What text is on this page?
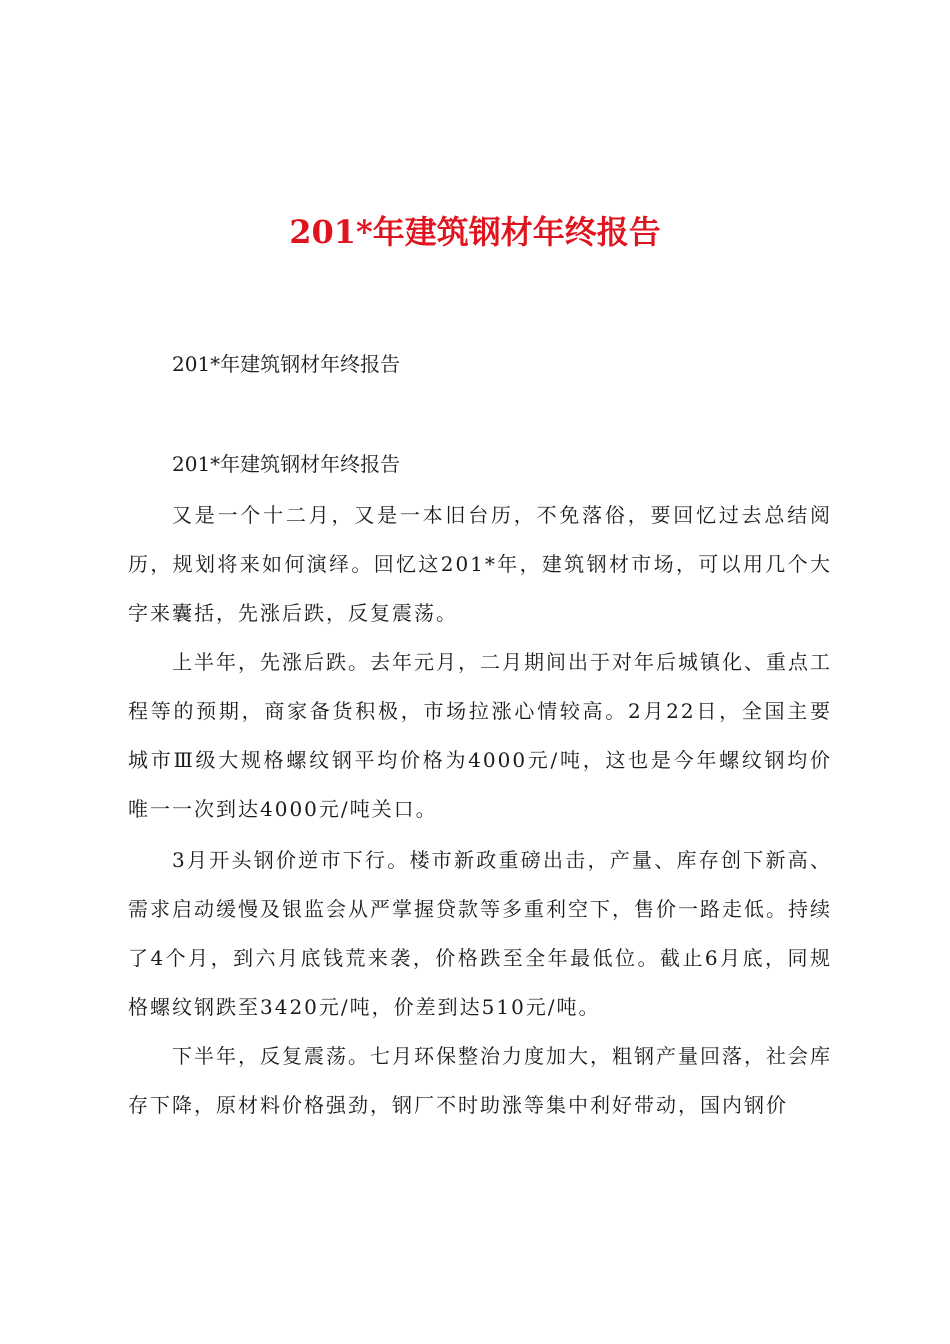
201*年建筑钢材年终报告

201*年建筑钢材年终报告

201*年建筑钢材年终报告

又是一个十二月，又是一本旧台历，不免落俗，要回忆过去总结阅历，规划将来如何演绎。回忆这201*年，建筑钢材市场，可以用几个大字来囊括，先涨后跌，反复震荡。

上半年，先涨后跌。去年元月，二月期间出于对年后城镇化、重点工程等的预期，商家备货积极，市场拉涨心情较高。2月22日，全国主要城市Ⅲ级大规格螺纹钢平均价格为4000元/吨，这也是今年螺纹钢均价唯一一次到达4000元/吨关口。

3月开头钢价逆市下行。楼市新政重磅出击，产量、库存创下新高、需求启动缓慢及银监会从严掌握贷款等多重利空下，售价一路走低。持续了4个月，到六月底钱荒来袭，价格跌至全年最低位。截止6月底，同规格螺纹钢跌至3420元/吨，价差到达510元/吨。

下半年，反复震荡。七月环保整治力度加大，粗钢产量回落，社会库存下降，原材料价格强劲，钢厂不时助涨等集中利好带动，国内钢价
